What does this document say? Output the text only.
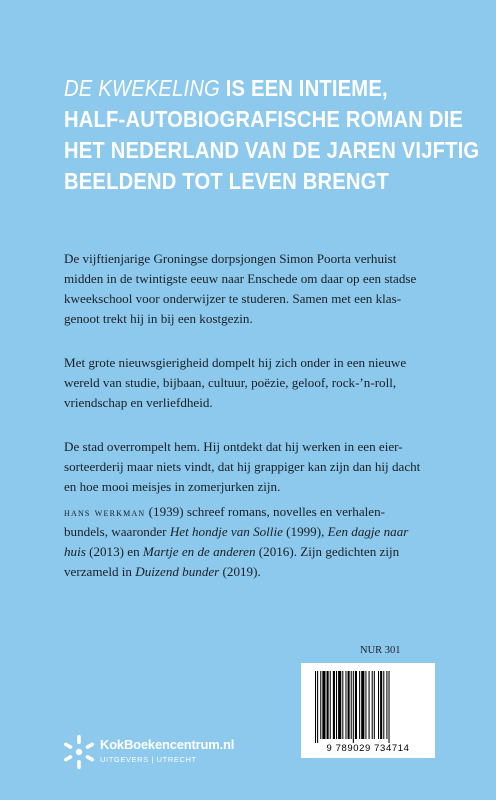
DE KWEKELING IS EEN INTIEME,
HALF-AUTOBIOGRAFISCHE ROMAN DIE
HET NEDERLAND VAN DE JAREN VIJFTIG
BEELDEND TOT LEVEN BRENGT

De vijftienjarige Groningse dorpsjongen Simon Poorta verhuist
midden in de twintigste eeuw naar Enschede om daar op een stadse
kweekschool voor onderwijzer te studeren. Samen met een klas-
genoot trekt hij in bij een kostgezin.

Met grote nieuwsgierigheid dompelt hij zich onder in een nieuwe
wereld van studie, bijbaan, cultuur, poëzie, geloof, rock-’n-roll,
vriendschap en verliefdheid.

De stad overrompelt hem. Hij ontdekt dat hij werken in een eier-
sorteerderij maar niets vindt, dat hij grappiger kan zijn dan hij dacht
en hoe mooi meisjes in zomerjurken zijn.

hans werkman (1939) schreef romans, novelles en verhalen-
bundels, waaronder Het hondje van Sollie (1999), Een dagje naar
huis (2013) en Martje en de anderen (2016). Zijn gedichten zijn
verzameld in Duizend bunder (2019).
KokBoekencentrum.nl
UITGEVERS | UTRECHT
NUR 301
9 789029 734714
